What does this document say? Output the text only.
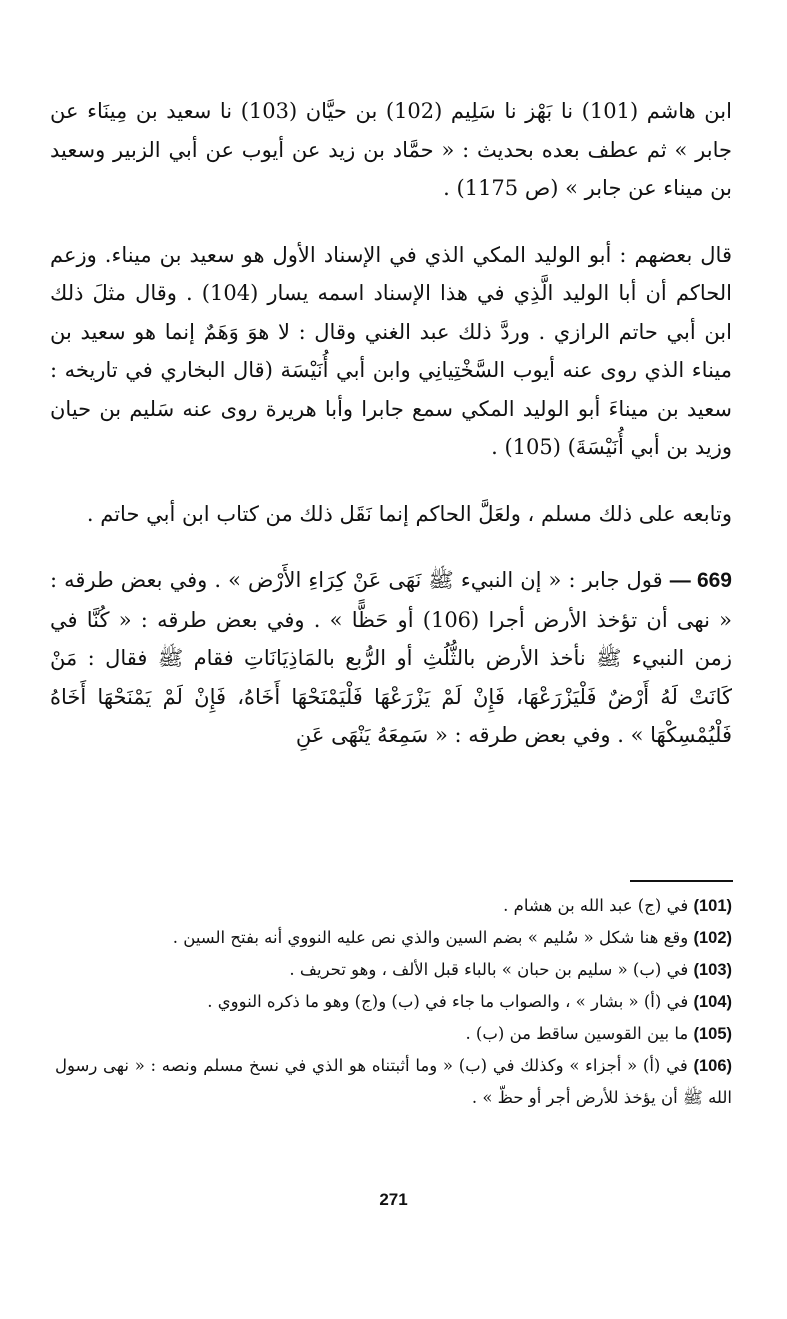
ابن هاشم (101) نا بَهْز نا سَلِيم (102) بن حيَّان (103) نا سعيد بن مِينَاء عن جابر » ثم عطف بعده بحديث : « حمَّاد بن زيد عن أيوب عن أبي الزبير وسعيد بن ميناء عن جابر » (ص 1175) .

قال بعضهم : أبو الوليد المكي الذي في الإسناد الأول هو سعيد بن ميناء. وزعم الحاكم أن أبا الوليد الَّذِي في هذا الإسناد اسمه يسار (104) . وقال مثلَ ذلك ابن أبي حاتم الرازي . وردَّ ذلك عبد الغني وقال : لا هوَ وَهَمٌ إنما هو سعيد بن ميناء الذي روى عنه أيوب السَّخْتِيانِي وابن أبي أُنَيْسَة (قال البخاري في تاريخه : سعيد بن ميناءَ أبو الوليد المكي سمع جابرا وأبا هريرة روى عنه سَليم بن حيان وزيد بن أبي أُنَيْسَةَ) (105) .

وتابعه على ذلك مسلم ، ولعَلَّ الحاكم إنما نَقَل ذلك من كتاب ابن أبي حاتم .

669 — قول جابر : « إن النبيء ﷺ نَهَى عَنْ كِرَاءِ الأَرْض » . وفي بعض طرقه : « نهى أن تؤخذ الأرض أجرا (106) أو حَظًّا » . وفي بعض طرقه : « كُنَّا في زمن النبيء ﷺ نأخذ الأرض بالثُّلُثِ أو الرُّبع بالمَاذِيَانَاتِ فقام ﷺ فقال : مَنْ كَانَتْ لَهُ أَرْضٌ فَلْيَزْرَعْهَا، فَإِنْ لَمْ يَزْرَعْهَا فَلْيَمْنَحْهَا أَخَاهُ، فَإِنْ لَمْ يَمْنَحْهَا أَخَاهُ فَلْيُمْسِكْهَا » . وفي بعض طرقه : « سَمِعَهُ يَنْهَى عَنِ

(101) في (ج) عبد الله بن هشام .

(102) وقع هنا شكل « سُليم » بضم السين والذي نص عليه النووي أنه بفتح السين .

(103) في (ب) « سليم بن حبان » بالباء قبل الألف ، وهو تحريف .

(104) في (أ) « بشار » ، والصواب ما جاء في (ب) و(ج) وهو ما ذكره النووي .

(105) ما بين القوسين ساقط من (ب) .

(106) في (أ) « أجزاء » وكذلك في (ب) « وما أثبتناه هو الذي في نسخ مسلم ونصه : « نهى رسول الله ﷺ أن يؤخذ للأرض أجر أو حظّ » .

271
